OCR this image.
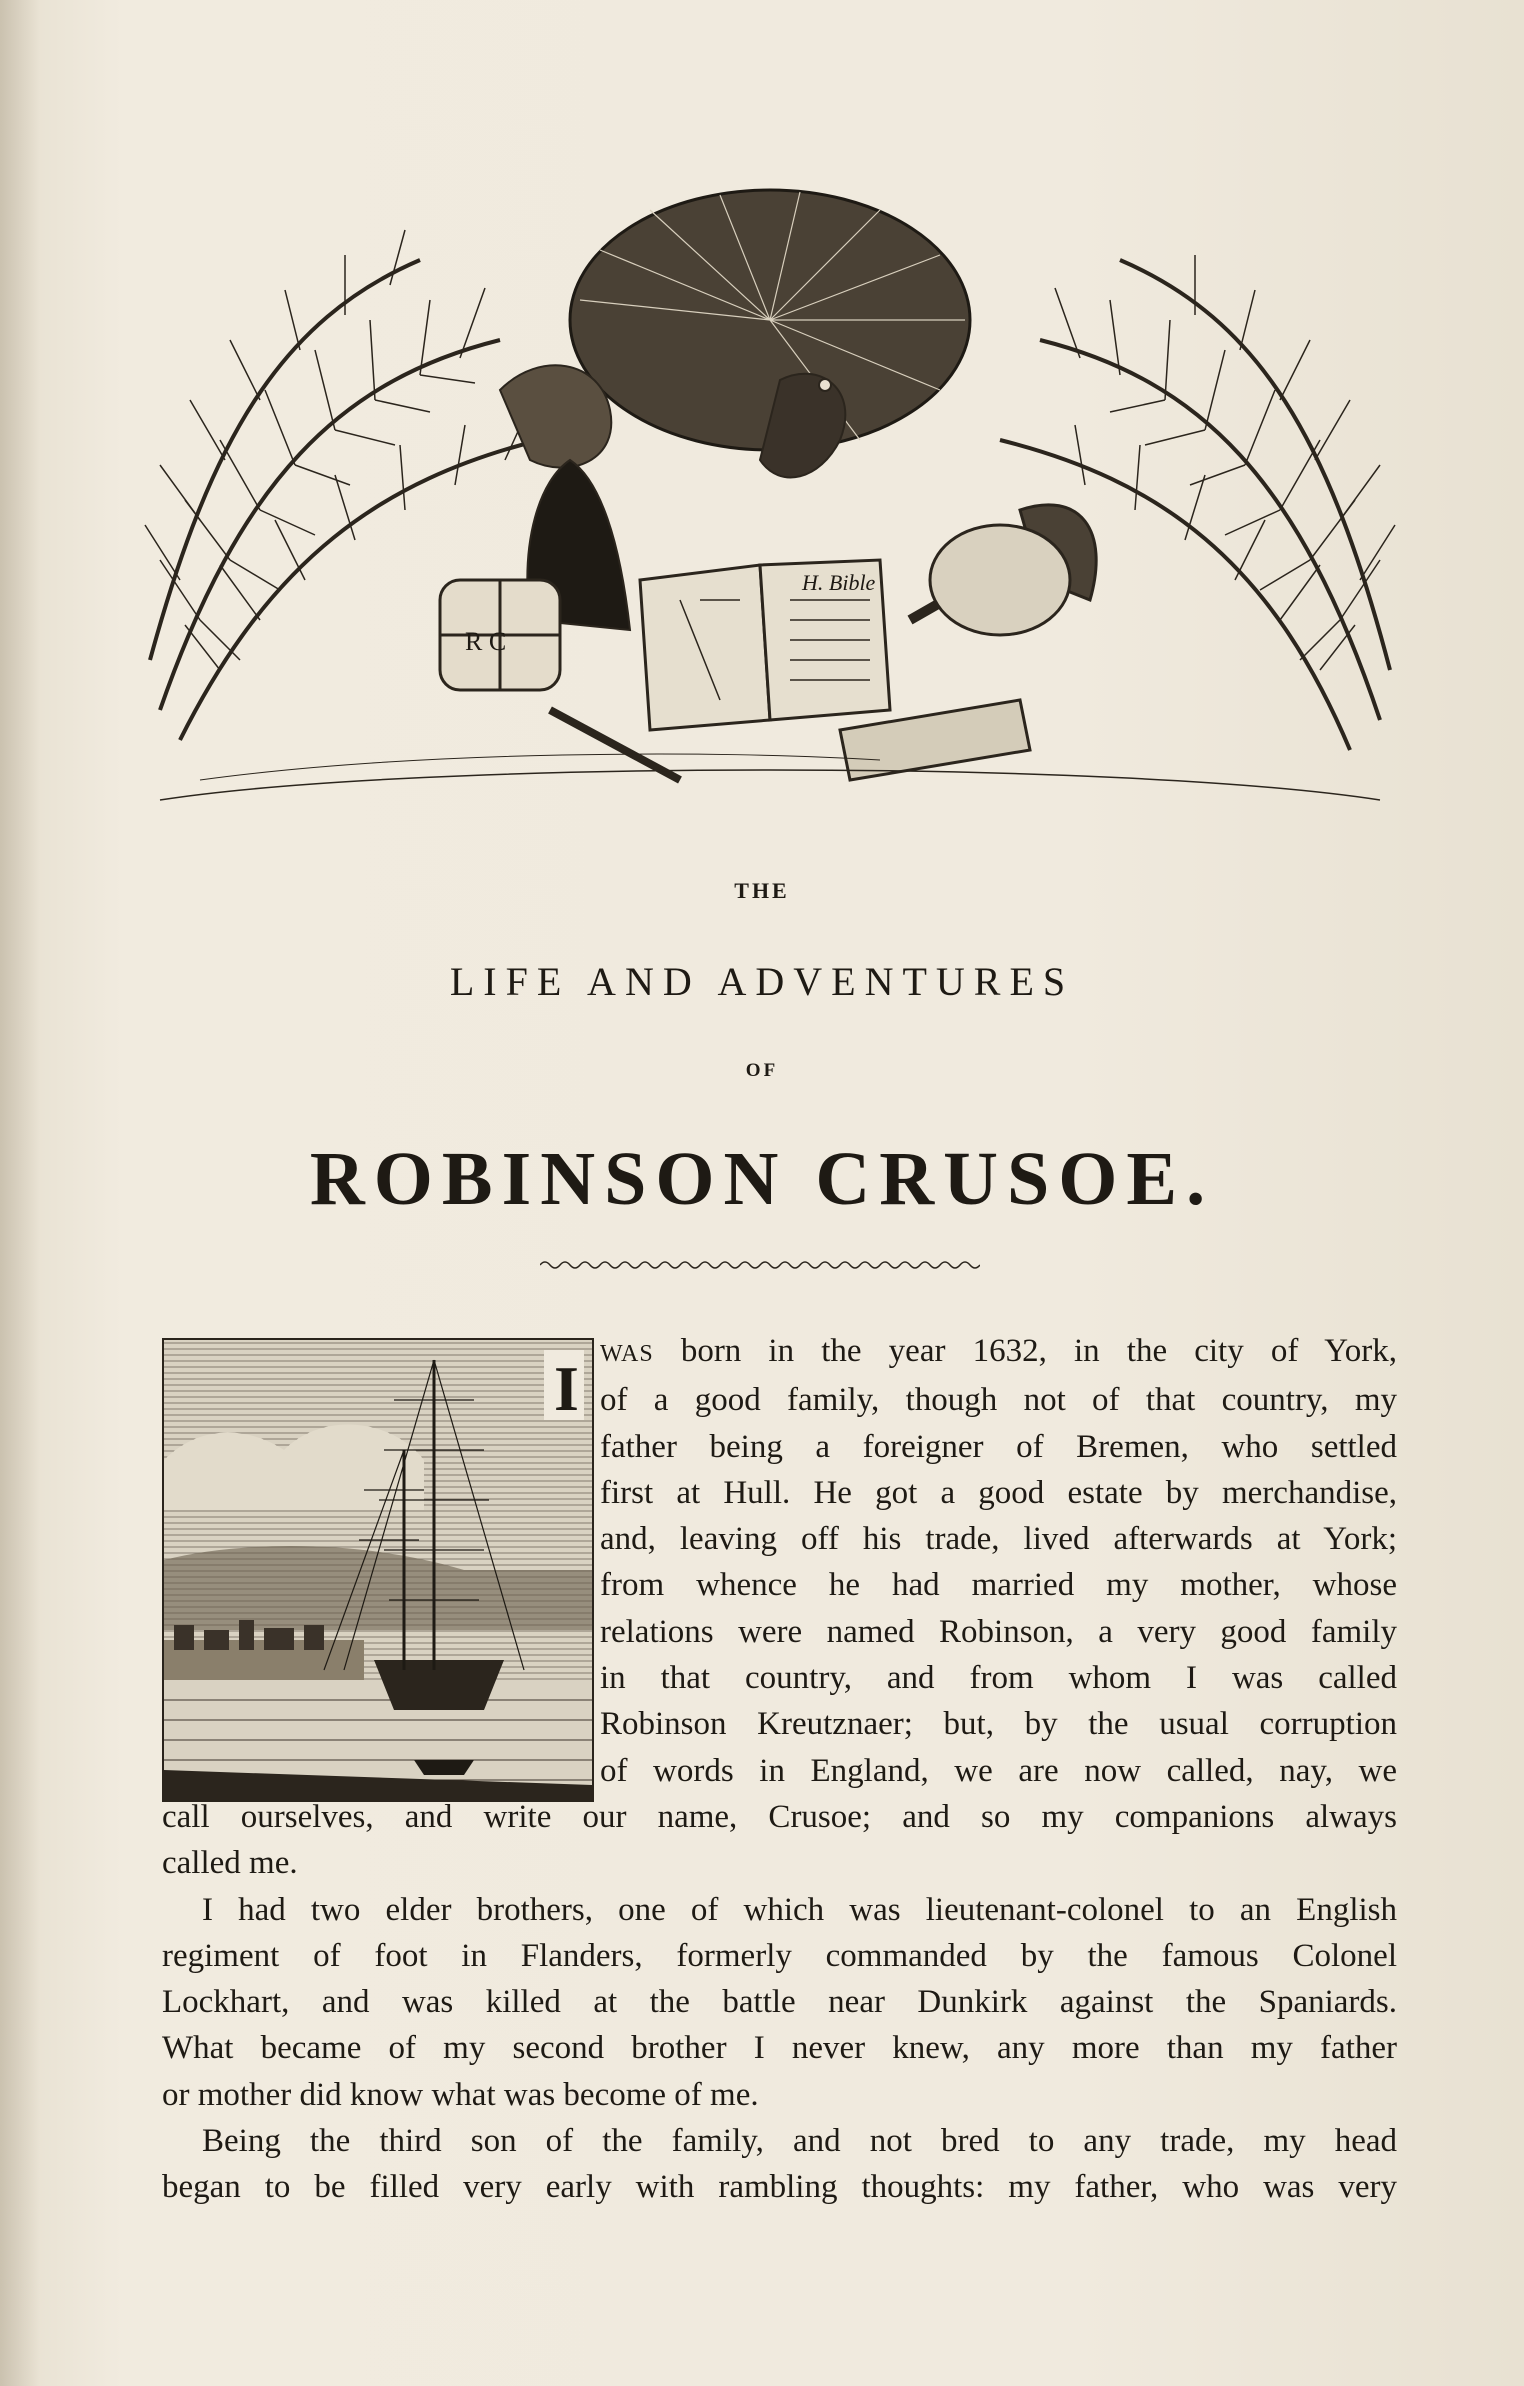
H. Bible
R C
THE
LIFE AND ADVENTURES
OF
ROBINSON CRUSOE.
I WAS born in the year 1632, in the city of York,
of a good family, though not of that country, my
father being a foreigner of Bremen, who settled
first at Hull. He got a good estate by merchandise,
and, leaving off his trade, lived afterwards at York;
from whence he had married my mother, whose
relations were named Robinson, a very good family
in that country, and from whom I was called
Robinson Kreutznaer; but, by the usual corruption
of words in England, we are now called, nay, we
call ourselves, and write our name, Crusoe; and so my companions always
called me.
I had two elder brothers, one of which was lieutenant-colonel to an English
regiment of foot in Flanders, formerly commanded by the famous Colonel
Lockhart, and was killed at the battle near Dunkirk against the Spaniards.
What became of my second brother I never knew, any more than my father
or mother did know what was become of me.
Being the third son of the family, and not bred to any trade, my head
began to be filled very early with rambling thoughts: my father, who was very
